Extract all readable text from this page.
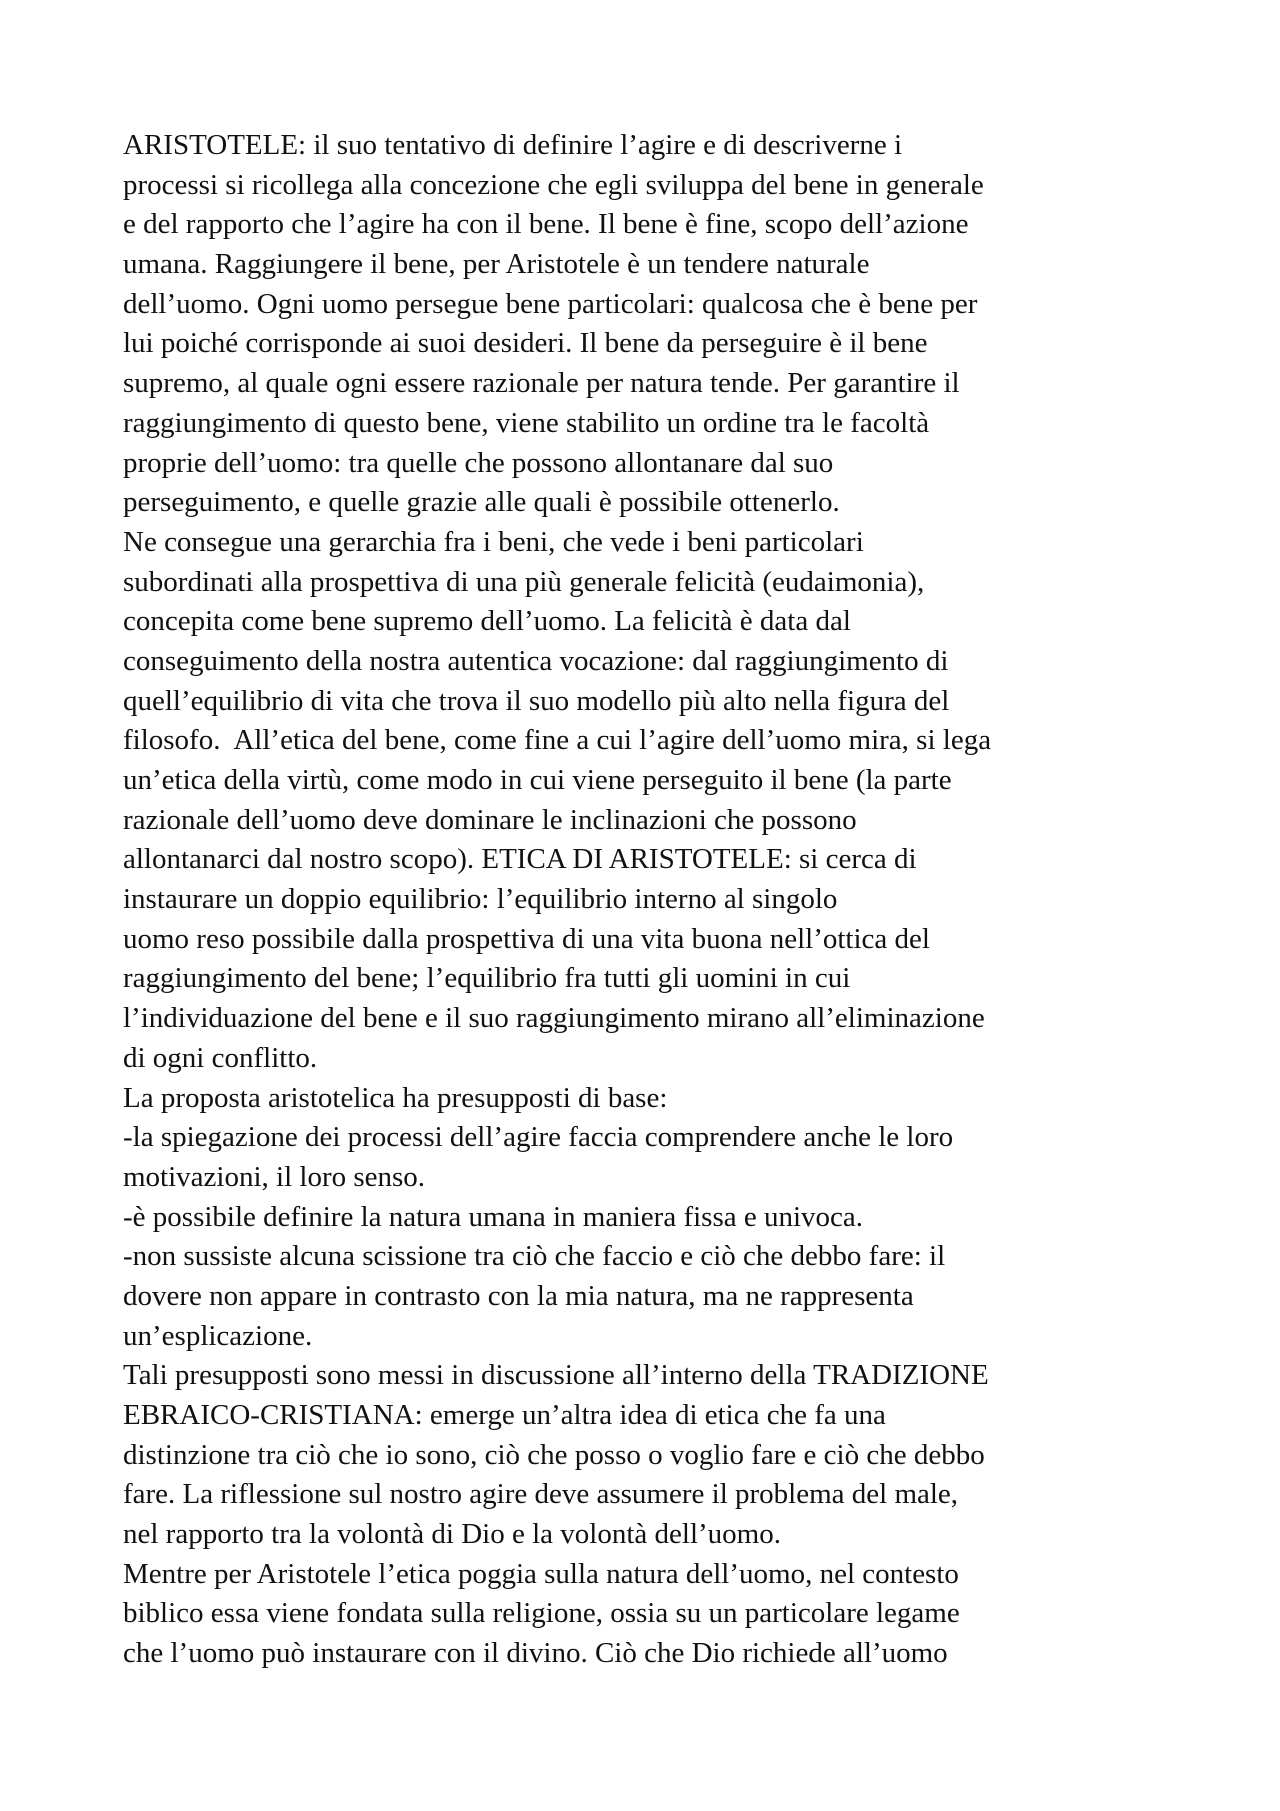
ARISTOTELE: il suo tentativo di definire l’agire e di descriverne i
processi si ricollega alla concezione che egli sviluppa del bene in generale
e del rapporto che l’agire ha con il bene. Il bene è fine, scopo dell’azione
umana. Raggiungere il bene, per Aristotele è un tendere naturale
dell’uomo. Ogni uomo persegue bene particolari: qualcosa che è bene per
lui poiché corrisponde ai suoi desideri. Il bene da perseguire è il bene
supremo, al quale ogni essere razionale per natura tende. Per garantire il
raggiungimento di questo bene, viene stabilito un ordine tra le facoltà
proprie dell’uomo: tra quelle che possono allontanare dal suo
perseguimento, e quelle grazie alle quali è possibile ottenerlo.
Ne consegue una gerarchia fra i beni, che vede i beni particolari
subordinati alla prospettiva di una più generale felicità (eudaimonia),
concepita come bene supremo dell’uomo. La felicità è data dal
conseguimento della nostra autentica vocazione: dal raggiungimento di
quell’equilibrio di vita che trova il suo modello più alto nella figura del
filosofo.  All’etica del bene, come fine a cui l’agire dell’uomo mira, si lega
un’etica della virtù, come modo in cui viene perseguito il bene (la parte
razionale dell’uomo deve dominare le inclinazioni che possono
allontanarci dal nostro scopo). ETICA DI ARISTOTELE: si cerca di
instaurare un doppio equilibrio: l’equilibrio interno al singolo
uomo reso possibile dalla prospettiva di una vita buona nell’ottica del
raggiungimento del bene; l’equilibrio fra tutti gli uomini in cui
l’individuazione del bene e il suo raggiungimento mirano all’eliminazione
di ogni conflitto.
La proposta aristotelica ha presupposti di base:
-la spiegazione dei processi dell’agire faccia comprendere anche le loro
motivazioni, il loro senso.
-è possibile definire la natura umana in maniera fissa e univoca.
-non sussiste alcuna scissione tra ciò che faccio e ciò che debbo fare: il
dovere non appare in contrasto con la mia natura, ma ne rappresenta
un’esplicazione.
Tali presupposti sono messi in discussione all’interno della TRADIZIONE
EBRAICO-CRISTIANA: emerge un’altra idea di etica che fa una
distinzione tra ciò che io sono, ciò che posso o voglio fare e ciò che debbo
fare. La riflessione sul nostro agire deve assumere il problema del male,
nel rapporto tra la volontà di Dio e la volontà dell’uomo.
Mentre per Aristotele l’etica poggia sulla natura dell’uomo, nel contesto
biblico essa viene fondata sulla religione, ossia su un particolare legame
che l’uomo può instaurare con il divino. Ciò che Dio richiede all’uomo
